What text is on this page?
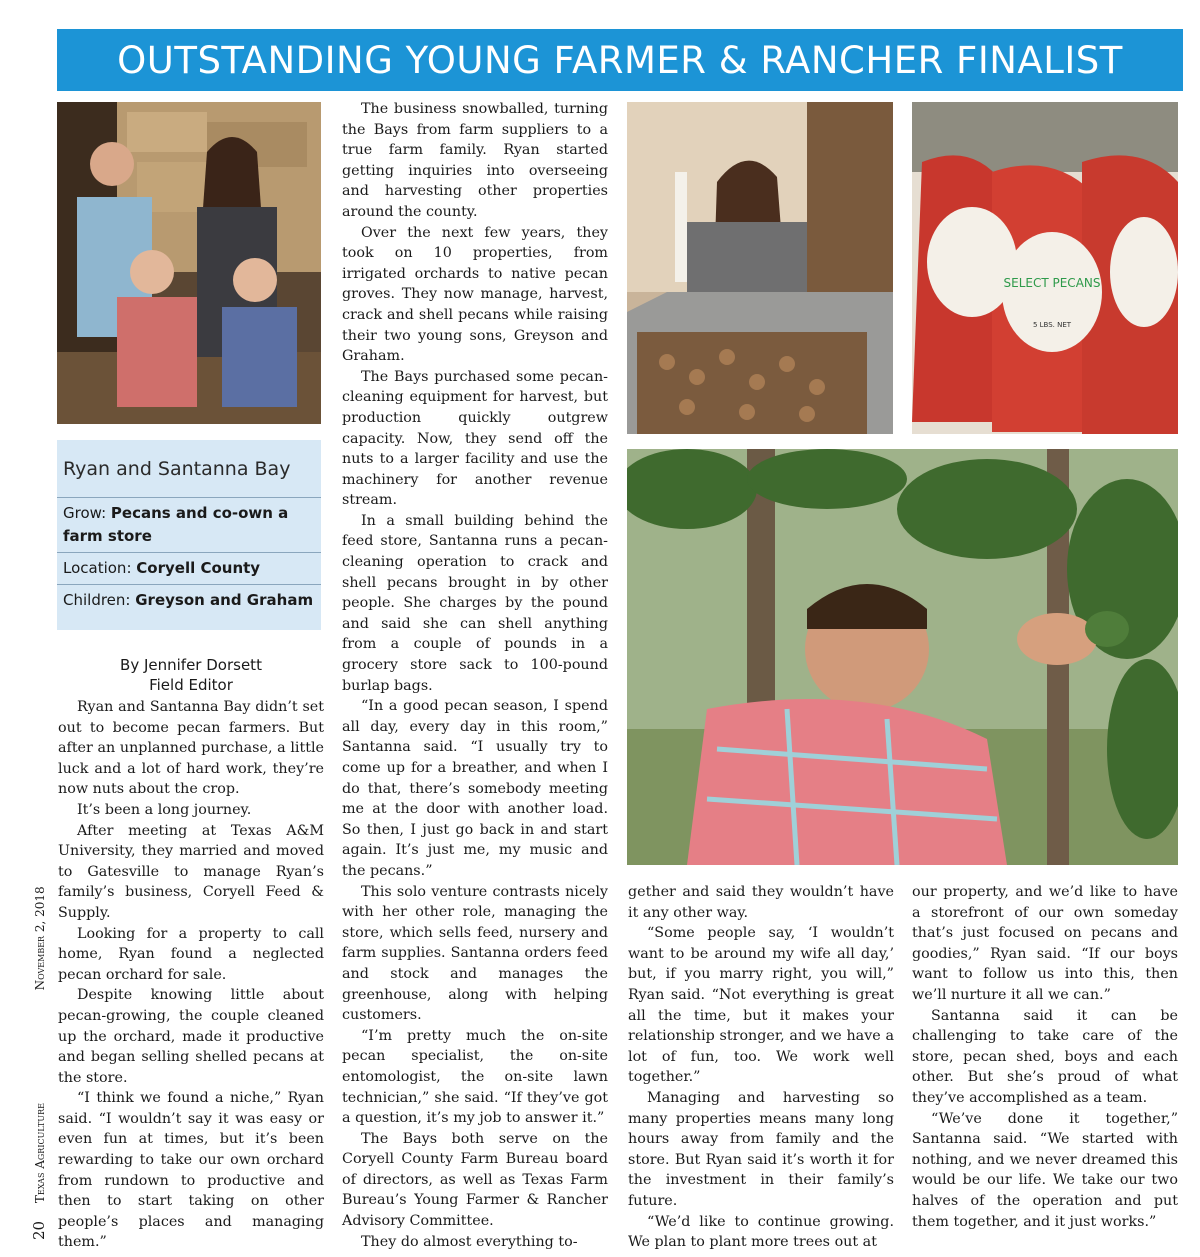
OUTSTANDING YOUNG FARMER & RANCHER FINALIST
SELECT PECANS
5 LBS. NET
Ryan and Santanna Bay
Grow: Pecans and co-own a farm store
Location: Coryell County
Children: Greyson and Graham
By Jennifer Dorsett
Field Editor
20 Texas Agriculture  November 2, 2018

Ryan and Santanna Bay didn’t set out to become pecan farmers. But after an unplanned purchase, a little luck and a lot of hard work, they’re now nuts about the crop.

It’s been a long journey.

After meeting at Texas A&M University, they married and moved to Gatesville to manage Ryan’s family’s business, Coryell Feed & Supply.

Looking for a property to call home, Ryan found a neglected pecan orchard for sale.

Despite knowing little about pecan-growing, the couple cleaned up the orchard, made it productive and began selling shelled pecans at the store.

“I think we found a niche,” Ryan said. “I wouldn’t say it was easy or even fun at times, but it’s been rewarding to take our own orchard from rundown to productive and then to start taking on other people’s places and managing them.”

The business snowballed, turning the Bays from farm suppliers to a true farm family. Ryan started getting inquiries into overseeing and harvesting other properties around the county.

Over the next few years, they took on 10 properties, from irrigated orchards to native pecan groves. They now manage, harvest, crack and shell pecans while raising their two young sons, Greyson and Graham.

The Bays purchased some pecan-cleaning equipment for harvest, but production quickly outgrew capacity. Now, they send off the nuts to a larger facility and use the machinery for another revenue stream.

In a small building behind the feed store, Santanna runs a pecan-cleaning operation to crack and shell pecans brought in by other people. She charges by the pound and said she can shell anything from a couple of pounds in a grocery store sack to 100-pound burlap bags.

“In a good pecan season, I spend all day, every day in this room,” Santanna said. “I usually try to come up for a breather, and when I do that, there’s somebody meeting me at the door with another load. So then, I just go back in and start again. It’s just me, my music and the pecans.”

This solo venture contrasts nicely with her other role, managing the store, which sells feed, nursery and farm supplies. Santanna orders feed and stock and manages the greenhouse, along with helping customers.

“I’m pretty much the on-site pecan specialist, the on-site entomologist, the on-site lawn technician,” she said. “If they’ve got a question, it’s my job to answer it.”

The Bays both serve on the Coryell County Farm Bureau board of directors, as well as Texas Farm Bureau’s Young Farmer & Rancher Advisory Committee.

They do almost everything to-

gether and said they wouldn’t have it any other way.

“Some people say, ‘I wouldn’t want to be around my wife all day,’ but, if you marry right, you will,” Ryan said. “Not everything is great all the time, but it makes your relationship stronger, and we have a lot of fun, too. We work well together.”

Managing and harvesting so many properties means many long hours away from family and the store. But Ryan said it’s worth it for the investment in their family’s future.

“We’d like to continue growing. We plan to plant more trees out at

our property, and we’d like to have a storefront of our own someday that’s just focused on pecans and goodies,” Ryan said. “If our boys want to follow us into this, then we’ll nurture it all we can.”

Santanna said it can be challenging to take care of the store, pecan shed, boys and each other. But she’s proud of what they’ve accomplished as a team.

“We’ve done it together,” Santanna said. “We started with nothing, and we never dreamed this would be our life. We take our two halves of the operation and put them together, and it just works.”
